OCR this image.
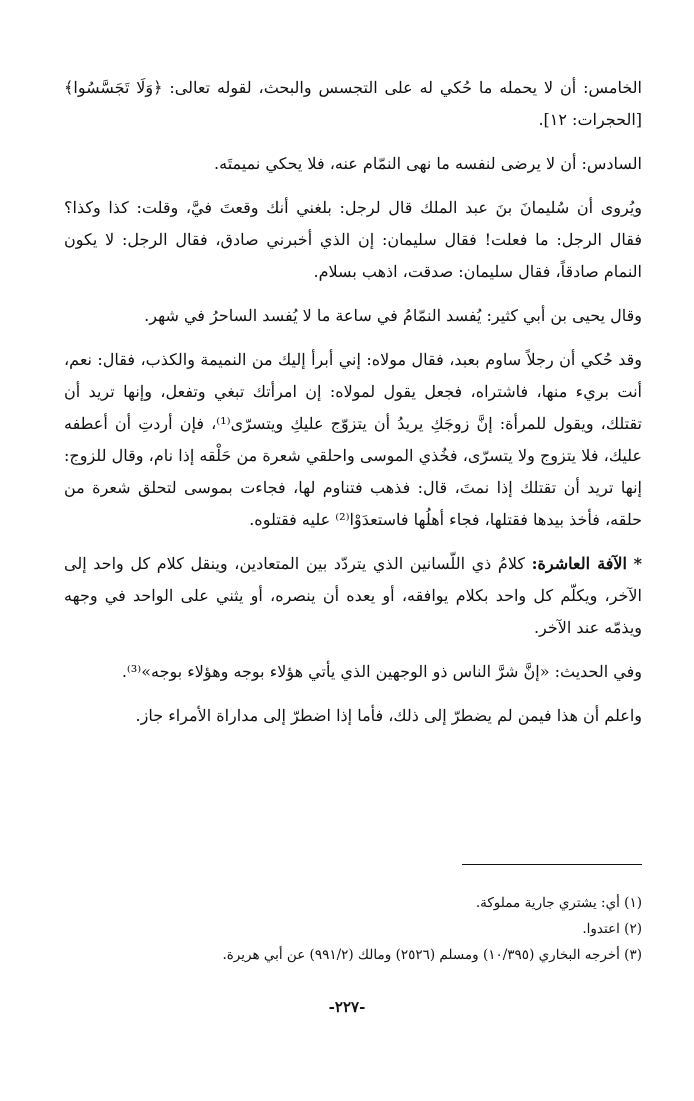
الخامس: أن لا يحمله ما حُكي له على التجسس والبحث، لقوله تعالى: ﴿وَلَا تَجَسَّسُوا﴾ [الحجرات: ١٢].

السادس: أن لا يرضى لنفسه ما نهى النمّام عنه، فلا يحكي نميمتَه.

ويُروى أن سُليمانَ بنَ عبد الملك قال لرجل: بلغني أنك وقعتَ فيَّ، وقلت: كذا وكذا؟ فقال الرجل: ما فعلت! فقال سليمان: إن الذي أخبرني صادق، فقال الرجل: لا يكون النمام صادقاً، فقال سليمان: صدقت، اذهب بسلام.

وقال يحيى بن أبي كثير: يُفسد النمّامُ في ساعة ما لا يُفسد الساحرُ في شهر.

وقد حُكي أن رجلاً ساوم بعبد، فقال مولاه: إني أبرأ إليك من النميمة والكذب، فقال: نعم، أنت بريء منها، فاشتراه، فجعل يقول لمولاه: إن امرأتك تبغي وتفعل، وإنها تريد أن تقتلك، ويقول للمرأة: إنَّ زوجَكِ يريدُ أن يتزوّج عليكِ ويتسرّى⁽¹⁾، فإن أردتِ أن أعطفه عليك، فلا يتزوج ولا يتسرّى، فخُذي الموسى واحلقي شعرة من حَلْقه إذا نام، وقال للزوج: إنها تريد أن تقتلك إذا نمتَ، قال: فذهب فتناوم لها، فجاءت بموسى لتحلق شعرة من حلقه، فأخذ بيدها فقتلها، فجاء أهلُها فاستعدَوْا⁽²⁾ عليه فقتلوه.

* الآفة العاشرة: كلامُ ذي اللّسانين الذي يتردّد بين المتعادين، وينقل كلام كل واحد إلى الآخر، ويكلّم كل واحد بكلام يوافقه، أو يعده أن ينصره، أو يثني على الواحد في وجهه ويذمّه عند الآخر.

وفي الحديث: «إنَّ شرَّ الناس ذو الوجهين الذي يأتي هؤلاء بوجه وهؤلاء بوجه»⁽³⁾.

واعلم أن هذا فيمن لم يضطرّ إلى ذلك، فأما إذا اضطرّ إلى مداراة الأمراء جاز.

(١) أي: يشتري جارية مملوكة.

(٢) اعتدوا.

(٣) أخرجه البخاري (١٠/٣٩٥) ومسلم (٢٥٢٦) ومالك (٩٩١/٢) عن أبي هريرة.

-٢٢٧-
